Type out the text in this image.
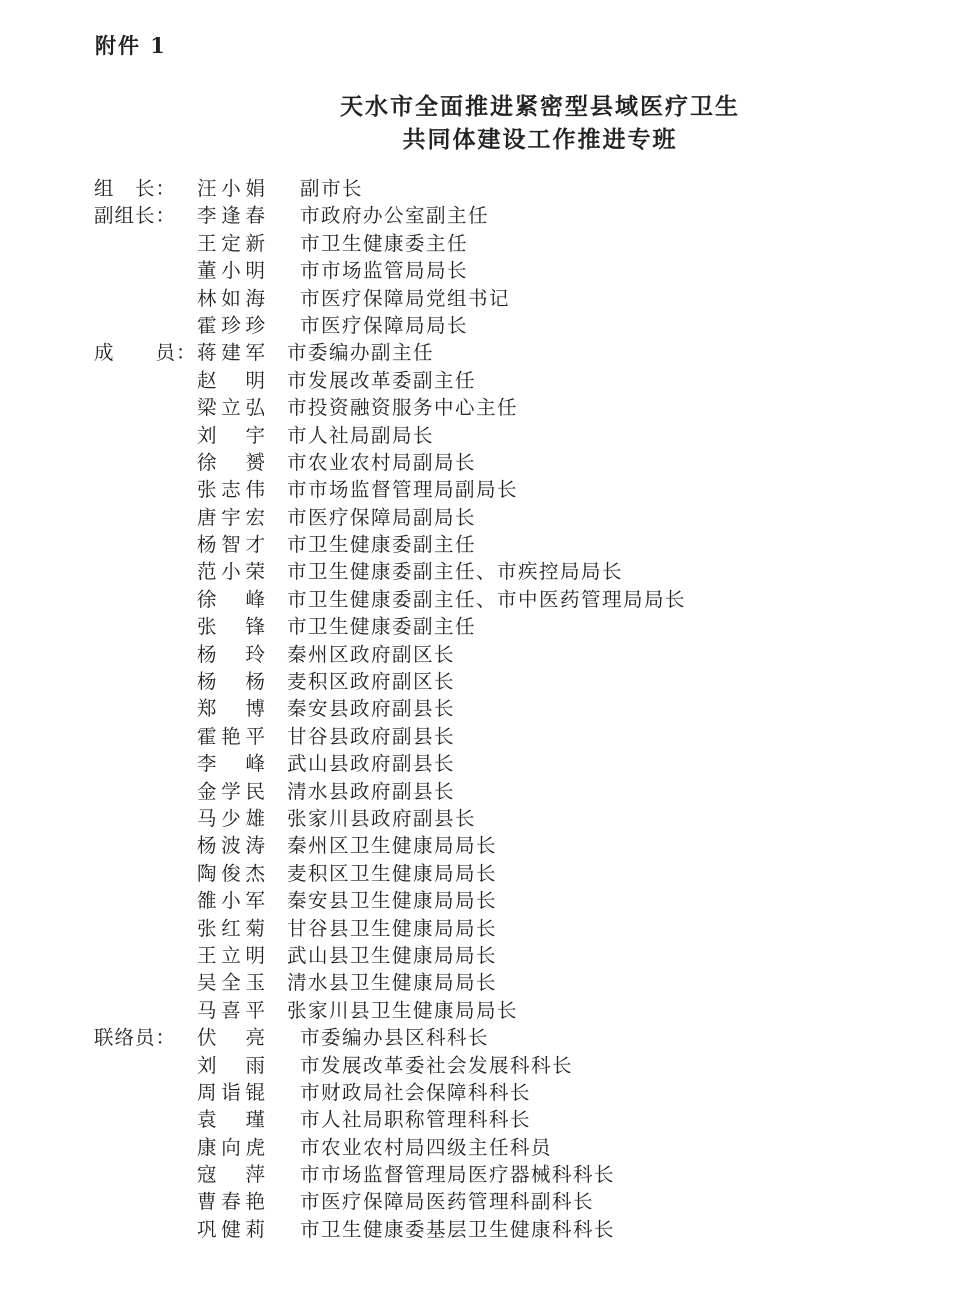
附件 1
天水市全面推进紧密型县域医疗卫生
共同体建设工作推进专班
组　长： 汪 小 娟 副市长
副组长： 李 逢 春 市政府办公室副主任
王 定 新 市卫生健康委主任
董 小 明 市市场监管局局长
林 如 海 市医疗保障局党组书记
霍 珍 珍 市医疗保障局局长
成　　员： 蒋 建 军 市委编办副主任
赵 明 市发展改革委副主任
梁 立 弘 市投资融资服务中心主任
刘 宇 市人社局副局长
徐 赟 市农业农村局副局长
张 志 伟 市市场监督管理局副局长
唐 宇 宏 市医疗保障局副局长
杨 智 才 市卫生健康委副主任
范 小 荣 市卫生健康委副主任、市疾控局局长
徐 峰 市卫生健康委副主任、市中医药管理局局长
张 锋 市卫生健康委副主任
杨 玲 秦州区政府副区长
杨 杨 麦积区政府副区长
郑 博 秦安县政府副县长
霍 艳 平 甘谷县政府副县长
李 峰 武山县政府副县长
金 学 民 清水县政府副县长
马 少 雄 张家川县政府副县长
杨 波 涛 秦州区卫生健康局局长
陶 俊 杰 麦积区卫生健康局局长
雒 小 军 秦安县卫生健康局局长
张 红 菊 甘谷县卫生健康局局长
王 立 明 武山县卫生健康局局长
吴 全 玉 清水县卫生健康局局长
马 喜 平 张家川县卫生健康局局长
联络员： 伏 亮 市委编办县区科科长
刘 雨 市发展改革委社会发展科科长
周 诣 锟 市财政局社会保障科科长
袁 瑾 市人社局职称管理科科长
康 向 虎 市农业农村局四级主任科员
寇 萍 市市场监督管理局医疗器械科科长
曹 春 艳 市医疗保障局医药管理科副科长
巩 健 莉 市卫生健康委基层卫生健康科科长
